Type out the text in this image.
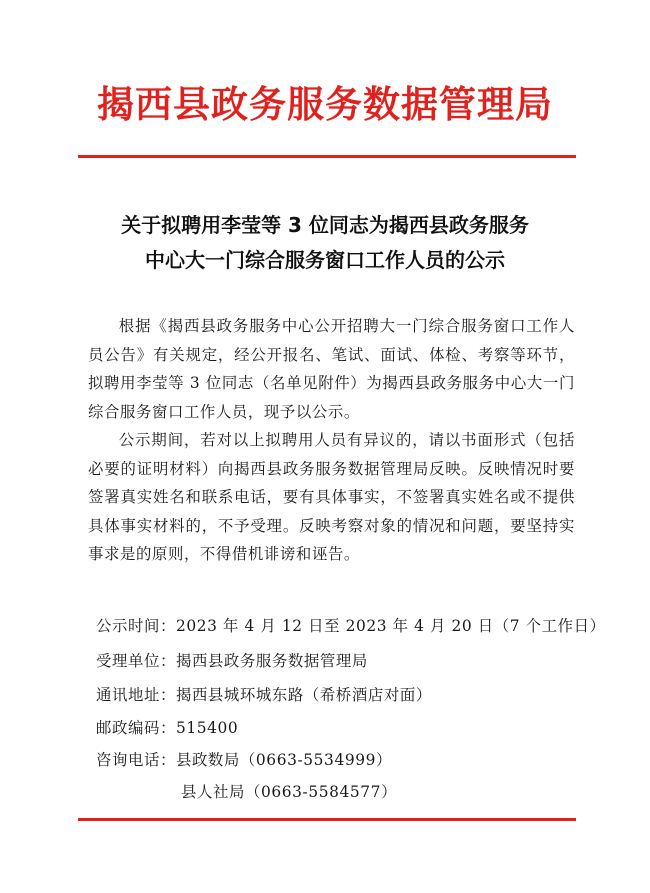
揭西县政务服务数据管理局
关于拟聘用李莹等 3 位同志为揭西县政务服务
中心大一门综合服务窗口工作人员的公示

根据《揭西县政务服务中心公开招聘大一门综合服务窗口工作人员公告》有关规定，经公开报名、笔试、面试、体检、考察等环节，拟聘用李莹等 3 位同志（名单见附件）为揭西县政务服务中心大一门综合服务窗口工作人员，现予以公示。

公示期间，若对以上拟聘用人员有异议的，请以书面形式（包括必要的证明材料）向揭西县政务服务数据管理局反映。反映情况时要签署真实姓名和联系电话，要有具体事实，不签署真实姓名或不提供具体事实材料的，不予受理。反映考察对象的情况和问题，要坚持实事求是的原则，不得借机诽谤和诬告。

公示时间：2023 年 4 月 12 日至 2023 年 4 月 20 日（7 个工作日）
受理单位：揭西县政务服务数据管理局
通讯地址：揭西县城环城东路（希桥酒店对面）
邮政编码：515400
咨询电话：县政数局（0663-5534999）
县人社局（0663-5584577）
